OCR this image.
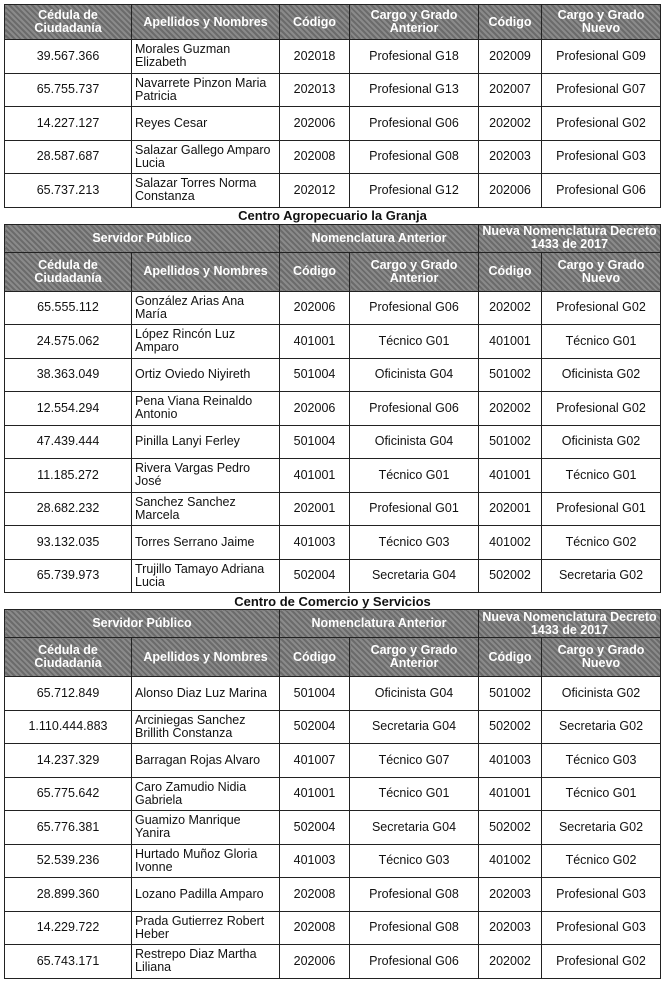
Cédula de Ciudadanía	Apellidos y Nombres	Código	Cargo y Grado Anterior	Código	Cargo y Grado Nuevo
39.567.366	Morales Guzman Elizabeth	202018	Profesional G18	202009	Profesional G09
65.755.737	Navarrete Pinzon Maria Patricia	202013	Profesional G13	202007	Profesional G07
14.227.127	Reyes Cesar	202006	Profesional G06	202002	Profesional G02
28.587.687	Salazar Gallego Amparo Lucia	202008	Profesional G08	202003	Profesional G03
65.737.213	Salazar Torres Norma Constanza	202012	Profesional G12	202006	Profesional G06
Centro Agropecuario la Granja					
Servidor Público		Nomenclatura Anterior		Nueva Nomenclatura Decreto 1433 de 2017	
Cédula de Ciudadanía	Apellidos y Nombres	Código	Cargo y Grado Anterior	Código	Cargo y Grado Nuevo
65.555.112	González Arias Ana María	202006	Profesional G06	202002	Profesional G02
24.575.062	López Rincón Luz Amparo	401001	Técnico G01	401001	Técnico G01
38.363.049	Ortiz Oviedo Niyireth	501004	Oficinista G04	501002	Oficinista G02
12.554.294	Pena Viana Reinaldo Antonio	202006	Profesional G06	202002	Profesional G02
47.439.444	Pinilla Lanyi Ferley	501004	Oficinista G04	501002	Oficinista G02
11.185.272	Rivera Vargas Pedro José	401001	Técnico G01	401001	Técnico G01
28.682.232	Sanchez Sanchez Marcela	202001	Profesional G01	202001	Profesional G01
93.132.035	Torres Serrano Jaime	401003	Técnico G03	401002	Técnico G02
65.739.973	Trujillo Tamayo Adriana Lucia	502004	Secretaria G04	502002	Secretaria G02
Centro de Comercio y Servicios					
Servidor Público		Nomenclatura Anterior		Nueva Nomenclatura Decreto 1433 de 2017	
Cédula de Ciudadanía	Apellidos y Nombres	Código	Cargo y Grado Anterior	Código	Cargo y Grado Nuevo
65.712.849	Alonso Diaz Luz Marina	501004	Oficinista G04	501002	Oficinista G02
1.110.444.883	Arciniegas Sanchez Brillith Constanza	502004	Secretaria G04	502002	Secretaria G02
14.237.329	Barragan Rojas Alvaro	401007	Técnico G07	401003	Técnico G03
65.775.642	Caro Zamudio Nidia Gabriela	401001	Técnico G01	401001	Técnico G01
65.776.381	Guamizo Manrique Yanira	502004	Secretaria G04	502002	Secretaria G02
52.539.236	Hurtado Muñoz Gloria Ivonne	401003	Técnico G03	401002	Técnico G02
28.899.360	Lozano Padilla Amparo	202008	Profesional G08	202003	Profesional G03
14.229.722	Prada Gutierrez Robert Heber	202008	Profesional G08	202003	Profesional G03
65.743.171	Restrepo Diaz Martha Liliana	202006	Profesional G06	202002	Profesional G02
